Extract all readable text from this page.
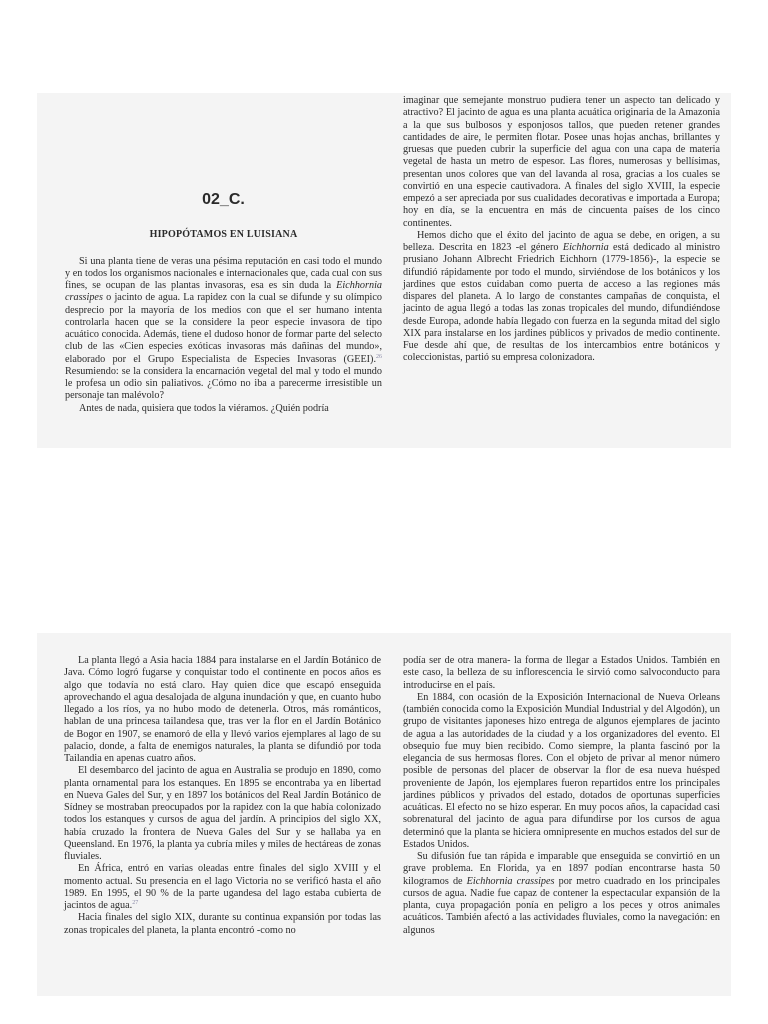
02_C.
HIPOPÓTAMOS EN LUISIANA

Si una planta tiene de veras una pésima reputación en casi todo el mundo y en todos los organismos nacionales e internacionales que, cada cual con sus fines, se ocupan de las plantas invasoras, esa es sin duda la Eichhornia crassipes o jacinto de agua. La rapidez con la cual se difunde y su olímpico desprecio por la mayoría de los medios con que el ser humano intenta controlarla hacen que se la considere la peor especie invasora de tipo acuático conocida. Además, tiene el dudoso honor de formar parte del selecto club de las «Cien especies exóticas invasoras más dañinas del mundo», elaborado por el Grupo Especialista de Especies Invasoras (GEEI).$^{26}$ Resumiendo: se la considera la encarnación vegetal del mal y todo el mundo le profesa un odio sin paliativos. ¿Cómo no iba a parecerme irresistible un personaje tan malévolo?

Antes de nada, quisiera que todos la viéramos. ¿Quién podría

imaginar que semejante monstruo pudiera tener un aspecto tan delicado y atractivo? El jacinto de agua es una planta acuática originaria de la Amazonia a la que sus bulbosos y esponjosos tallos, que pueden retener grandes cantidades de aire, le permiten flotar. Posee unas hojas anchas, brillantes y gruesas que pueden cubrir la superficie del agua con una capa de materia vegetal de hasta un metro de espesor. Las flores, numerosas y bellísimas, presentan unos colores que van del lavanda al rosa, gracias a los cuales se convirtió en una especie cautivadora. A finales del siglo XVIII, la especie empezó a ser apreciada por sus cualidades decorativas e importada a Europa; hoy en día, se la encuentra en más de cincuenta países de los cinco continentes.

Hemos dicho que el éxito del jacinto de agua se debe, en origen, a su belleza. Descrita en 1823 -el género Eichhornia está dedicado al ministro prusiano Johann Albrecht Friedrich Eichhorn (1779-1856)-, la especie se difundió rápidamente por todo el mundo, sirviéndose de los botánicos y los jardines que estos cuidaban como puerta de acceso a las regiones más dispares del planeta. A lo largo de constantes campañas de conquista, el jacinto de agua llegó a todas las zonas tropicales del mundo, difundiéndose desde Europa, adonde había llegado con fuerza en la segunda mitad del siglo XIX para instalarse en los jardines públicos y privados de medio continente. Fue desde ahí que, de resultas de los intercambios entre botánicos y coleccionistas, partió su empresa colonizadora.

La planta llegó a Asia hacia 1884 para instalarse en el Jardín Botánico de Java. Cómo logró fugarse y conquistar todo el continente en pocos años es algo que todavía no está claro. Hay quien dice que escapó enseguida aprovechando el agua desalojada de alguna inundación y que, en cuanto hubo llegado a los ríos, ya no hubo modo de detenerla. Otros, más románticos, hablan de una princesa tailandesa que, tras ver la flor en el Jardín Botánico de Bogor en 1907, se enamoró de ella y llevó varios ejemplares al lago de su palacio, donde, a falta de enemigos naturales, la planta se difundió por toda Tailandia en apenas cuatro años.

El desembarco del jacinto de agua en Australia se produjo en 1890, como planta ornamental para los estanques. En 1895 se encontraba ya en libertad en Nueva Gales del Sur, y en 1897 los botánicos del Real Jardín Botánico de Sídney se mostraban preocupados por la rapidez con la que había colonizado todos los estanques y cursos de agua del jardín. A principios del siglo XX, había cruzado la frontera de Nueva Gales del Sur y se hallaba ya en Queensland. En 1976, la planta ya cubría miles y miles de hectáreas de zonas fluviales.

En África, entró en varias oleadas entre finales del siglo XVIII y el momento actual. Su presencia en el lago Victoria no se verificó hasta el año 1989. En 1995, el 90 % de la parte ugandesa del lago estaba cubierta de jacintos de agua.$^{27}$

Hacia finales del siglo XIX, durante su continua expansión por todas las zonas tropicales del planeta, la planta encontró -como no

podía ser de otra manera- la forma de llegar a Estados Unidos. También en este caso, la belleza de su inflorescencia le sirvió como salvoconducto para introducirse en el país.

En 1884, con ocasión de la Exposición Internacional de Nueva Orleans (también conocida como la Exposición Mundial Industrial y del Algodón), un grupo de visitantes japoneses hizo entrega de algunos ejemplares de jacinto de agua a las autoridades de la ciudad y a los organizadores del evento. El obsequio fue muy bien recibido. Como siempre, la planta fascinó por la elegancia de sus hermosas flores. Con el objeto de privar al menor número posible de personas del placer de observar la flor de esa nueva huésped proveniente de Japón, los ejemplares fueron repartidos entre los principales jardines públicos y privados del estado, dotados de oportunas superficies acuáticas. El efecto no se hizo esperar. En muy pocos años, la capacidad casi sobrenatural del jacinto de agua para difundirse por los cursos de agua determinó que la planta se hiciera omnipresente en muchos estados del sur de Estados Unidos.

Su difusión fue tan rápida e imparable que enseguida se convirtió en un grave problema. En Florida, ya en 1897 podían encontrarse hasta 50 kilogramos de Eichhornia crassipes por metro cuadrado en los principales cursos de agua. Nadie fue capaz de contener la espectacular expansión de la planta, cuya propagación ponía en peligro a los peces y otros animales acuáticos. También afectó a las actividades fluviales, como la navegación: en algunos
